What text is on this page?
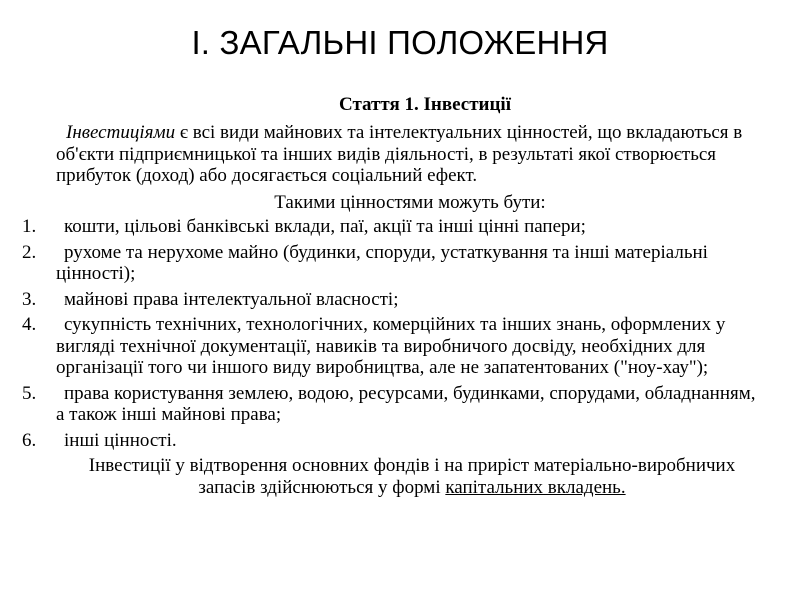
І. ЗАГАЛЬНІ ПОЛОЖЕННЯ
Стаття 1. Інвестиції
Інвестиціями є всі види майнових та інтелектуальних цінностей, що вкладаються в об'єкти підприємницької та інших видів діяльності, в результаті якої створюється прибуток (доход) або досягається соціальний ефект.
Такими цінностями можуть бути:
1.	кошти, цільові банківські вклади, паї, акції та інші цінні папери;
2.	рухоме та нерухоме майно (будинки, споруди, устаткування та інші матеріальні цінності);
3.	майнові права інтелектуальної власності;
4.	сукупність технічних, технологічних, комерційних та інших знань, оформлених у вигляді технічної документації, навиків та виробничого досвіду, необхідних для організації того чи іншого виду виробництва, але не запатентованих ("ноу-хау");
5.	права користування землею, водою, ресурсами, будинками, спорудами, обладнанням, а також інші майнові права;
6.	інші цінності.
Інвестиції у відтворення основних фондів і на приріст матеріально-виробничих запасів здійснюються у формі капітальних вкладень.
